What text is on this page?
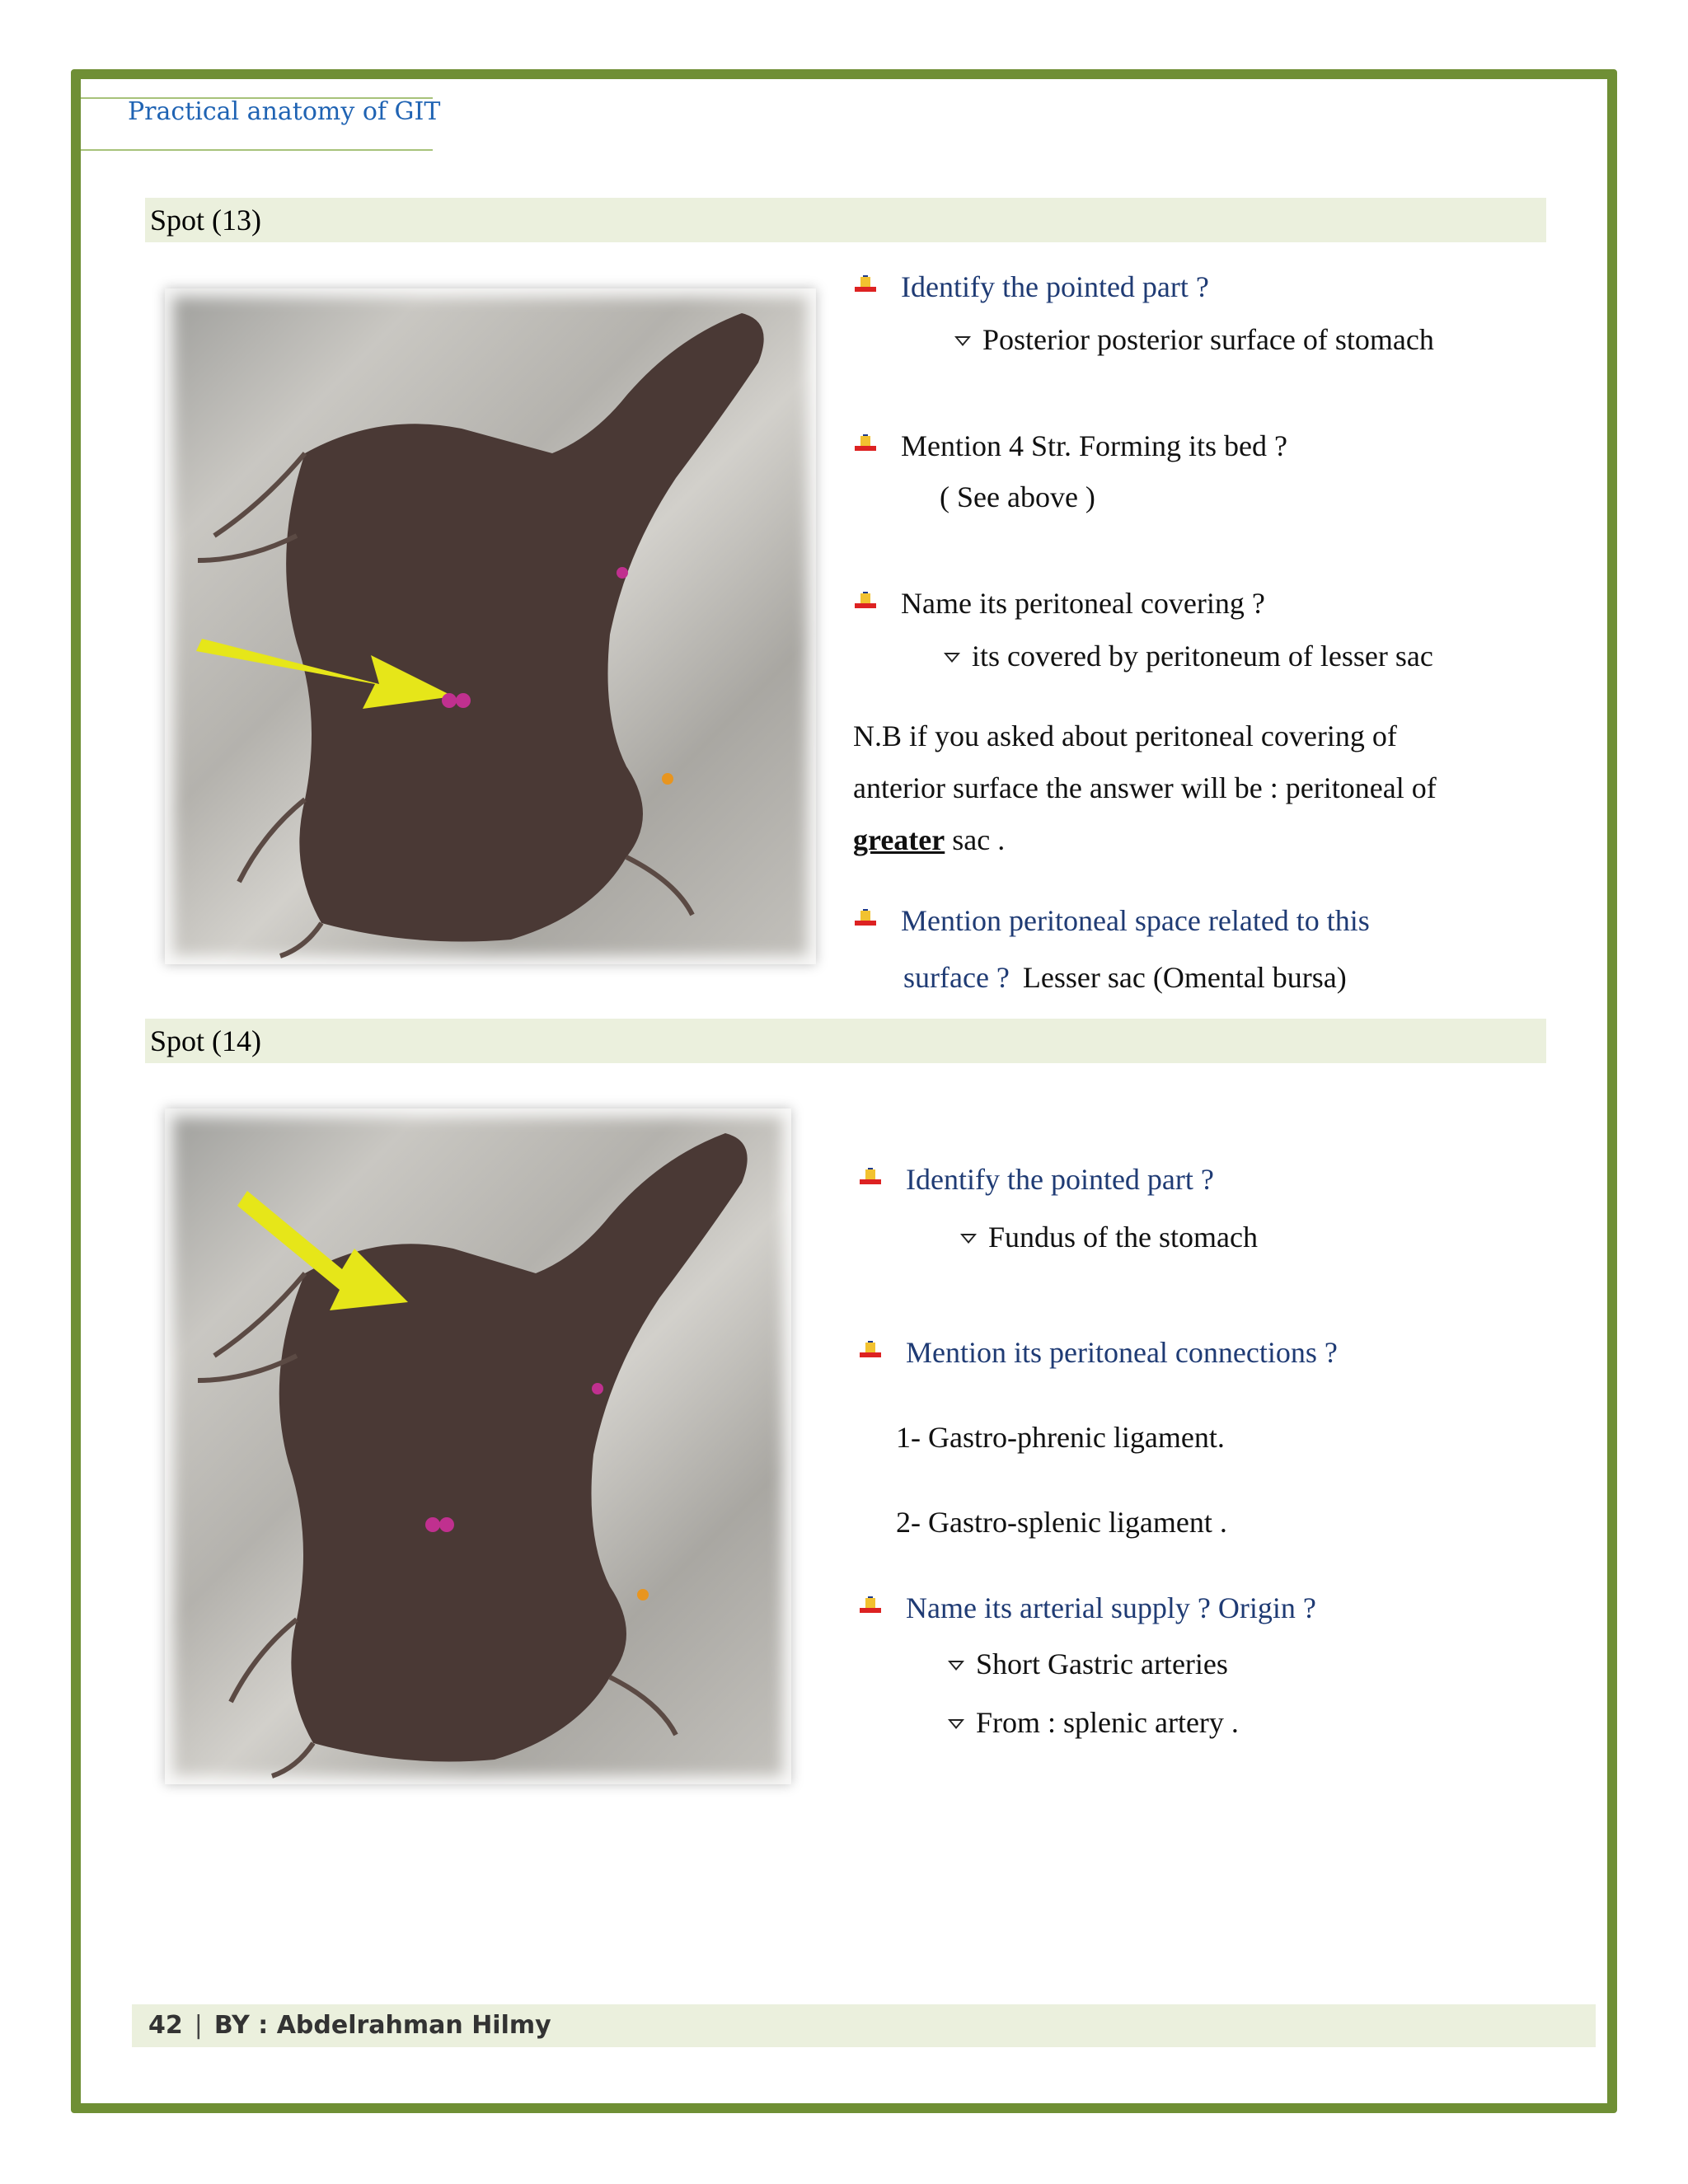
Practical anatomy of GIT
Spot (13)
Identify the pointed part ?
Posterior posterior surface of stomach
Mention 4 Str. Forming its bed ?
( See above )
Name its peritoneal covering ?
its covered by peritoneum of lesser sac
N.B if you asked about peritoneal covering of
anterior surface the answer will be : peritoneal of
greater sac .
Mention peritoneal space related to this
surface ? Lesser sac (Omental bursa)
Spot (14)
Identify the pointed part ?
Fundus of the stomach
Mention its peritoneal connections ?
1- Gastro-phrenic ligament.
2- Gastro-splenic ligament .
Name its arterial supply ? Origin ?
Short Gastric arteries
From : splenic artery .
42 | BY : Abdelrahman Hilmy
